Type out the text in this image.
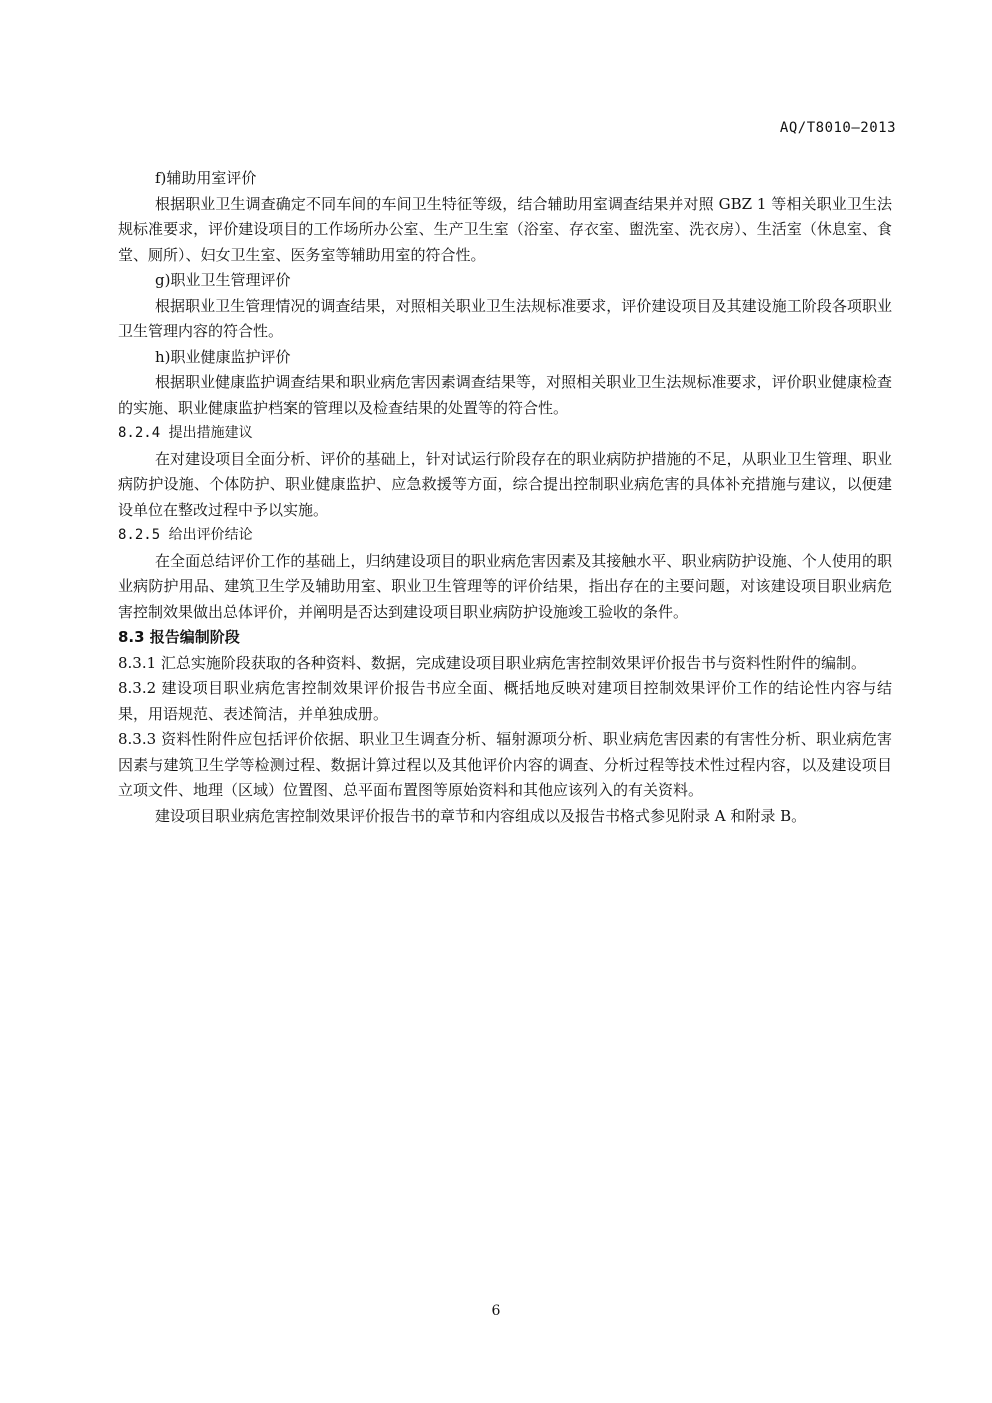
AQ/T8010—2013

f)辅助用室评价

根据职业卫生调查确定不同车间的车间卫生特征等级，结合辅助用室调查结果并对照 GBZ 1 等相关职业卫生法规标准要求，评价建设项目的工作场所办公室、生产卫生室（浴室、存衣室、盥洗室、洗衣房）、生活室（休息室、食堂、厕所）、妇女卫生室、医务室等辅助用室的符合性。

g)职业卫生管理评价

根据职业卫生管理情况的调查结果，对照相关职业卫生法规标准要求，评价建设项目及其建设施工阶段各项职业卫生管理内容的符合性。

h)职业健康监护评价

根据职业健康监护调查结果和职业病危害因素调查结果等，对照相关职业卫生法规标准要求，评价职业健康检查的实施、职业健康监护档案的管理以及检查结果的处置等的符合性。

8.2.4 提出措施建议

在对建设项目全面分析、评价的基础上，针对试运行阶段存在的职业病防护措施的不足，从职业卫生管理、职业病防护设施、个体防护、职业健康监护、应急救援等方面，综合提出控制职业病危害的具体补充措施与建议，以便建设单位在整改过程中予以实施。

8.2.5 给出评价结论

在全面总结评价工作的基础上，归纳建设项目的职业病危害因素及其接触水平、职业病防护设施、个人使用的职业病防护用品、建筑卫生学及辅助用室、职业卫生管理等的评价结果，指出存在的主要问题，对该建设项目职业病危害控制效果做出总体评价，并阐明是否达到建设项目职业病防护设施竣工验收的条件。

8.3 报告编制阶段

8.3.1 汇总实施阶段获取的各种资料、数据，完成建设项目职业病危害控制效果评价报告书与资料性附件的编制。

8.3.2 建设项目职业病危害控制效果评价报告书应全面、概括地反映对建项目控制效果评价工作的结论性内容与结果，用语规范、表述简洁，并单独成册。

8.3.3 资料性附件应包括评价依据、职业卫生调查分析、辐射源项分析、职业病危害因素的有害性分析、职业病危害因素与建筑卫生学等检测过程、数据计算过程以及其他评价内容的调查、分析过程等技术性过程内容，以及建设项目立项文件、地理（区域）位置图、总平面布置图等原始资料和其他应该列入的有关资料。

建设项目职业病危害控制效果评价报告书的章节和内容组成以及报告书格式参见附录 A 和附录 B。

6
